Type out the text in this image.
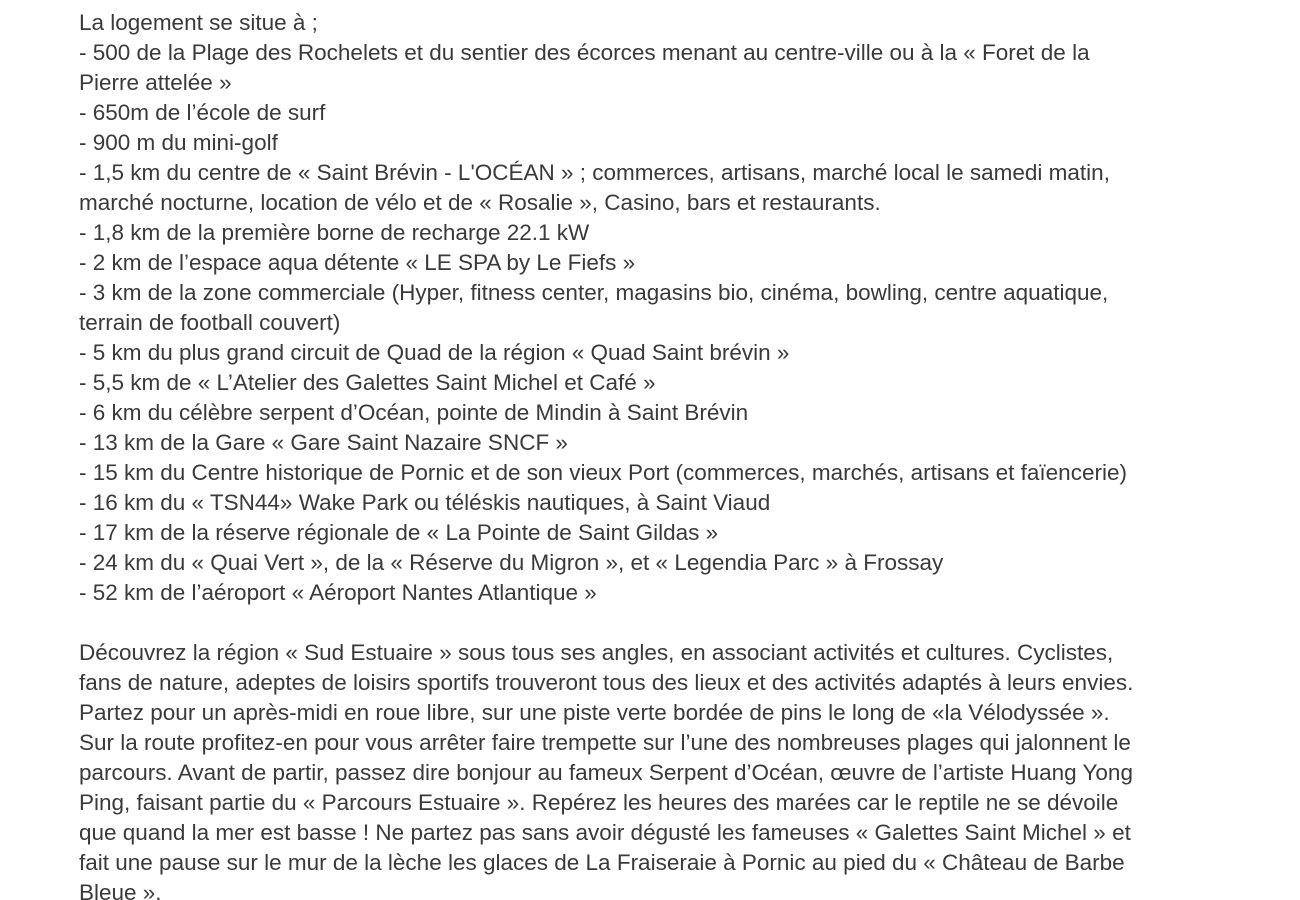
La logement se situe à ;
- 500 de la Plage des Rochelets et du sentier des écorces menant au centre-ville ou à la « Foret de la
Pierre attelée »
- 650m de l’école de surf
- 900 m du mini-golf
- 1,5 km du centre de « Saint Brévin - L'OCÉAN » ; commerces, artisans, marché local le samedi matin,
marché nocturne, location de vélo et de « Rosalie », Casino, bars et restaurants.
- 1,8 km de la première borne de recharge 22.1 kW
- 2 km de l’espace aqua détente « LE SPA by Le Fiefs »
- 3 km de la zone commerciale (Hyper, fitness center, magasins bio, cinéma, bowling, centre aquatique,
terrain de football couvert)
- 5 km du plus grand circuit de Quad de la région « Quad Saint brévin »
- 5,5 km de « L’Atelier des Galettes Saint Michel et Café »
- 6 km du célèbre serpent d’Océan, pointe de Mindin à Saint Brévin
- 13 km de la Gare « Gare Saint Nazaire SNCF »
- 15 km du Centre historique de Pornic et de son vieux Port (commerces, marchés, artisans et faïencerie)
- 16 km du « TSN44» Wake Park ou téléskis nautiques, à Saint Viaud
- 17 km de la réserve régionale de « La Pointe de Saint Gildas »
- 24 km du « Quai Vert », de la « Réserve du Migron », et « Legendia Parc » à Frossay
- 52 km de l’aéroport « Aéroport Nantes Atlantique »
Découvrez la région « Sud Estuaire » sous tous ses angles, en associant activités et cultures. Cyclistes,
fans de nature, adeptes de loisirs sportifs trouveront tous des lieux et des activités adaptés à leurs envies.
Partez pour un après-midi en roue libre, sur une piste verte bordée de pins le long de «la Vélodyssée ».
Sur la route profitez-en pour vous arrêter faire trempette sur l’une des nombreuses plages qui jalonnent le
parcours. Avant de partir, passez dire bonjour au fameux Serpent d’Océan, œuvre de l’artiste Huang Yong
Ping, faisant partie du « Parcours Estuaire ». Repérez les heures des marées car le reptile ne se dévoile
que quand la mer est basse ! Ne partez pas sans avoir dégusté les fameuses « Galettes Saint Michel » et
fait une pause sur le mur de la lèche les glaces de La Fraiseraie à Pornic au pied du « Château de Barbe
Bleue ».
